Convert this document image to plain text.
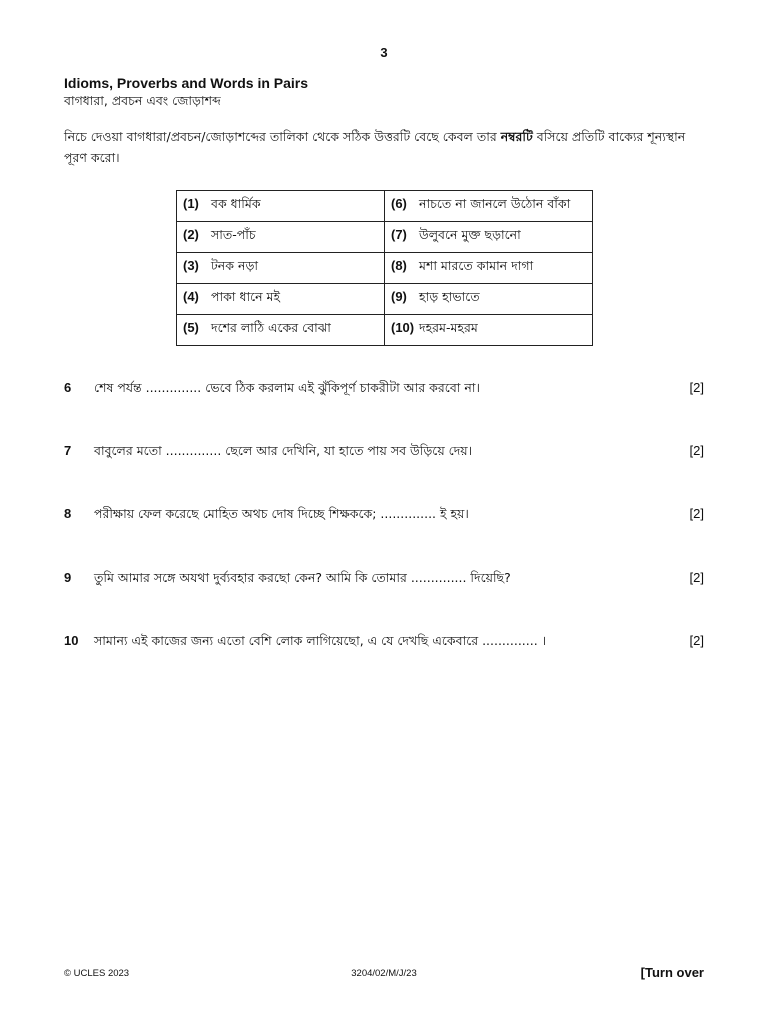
3
Idioms, Proverbs and Words in Pairs
বাগধারা, প্রবচন এবং জোড়াশব্দ
নিচে দেওয়া বাগধারা/প্রবচন/জোড়াশব্দের তালিকা থেকে সঠিক উত্তরটি বেছে কেবল তার নম্বরটি বসিয়ে প্রতিটি বাক্যের শূন্যস্থান পূরণ করো।
(1) বক ধার্মিক	(6) নাচতে না জানলে উঠোন বাঁকা
(2) সাত-পাঁচ	(7) উলুবনে মুক্ত ছড়ানো
(3) টনক নড়া	(8) মশা মারতে কামান দাগা
(4) পাকা ধানে মই	(9) হাড় হাভাতে
(5) দশের লাঠি একের বোঝা	(10) দহরম-মহরম
6 শেষ পর্যন্ত .............. ভেবে ঠিক করলাম এই ঝুঁকিপূর্ণ চাকরীটা আর করবো না।	[2]
7 বাবুলের মতো .............. ছেলে আর দেখিনি, যা হাতে পায় সব উড়িয়ে দেয়।	[2]
8 পরীক্ষায় ফেল করেছে মোহিত অথচ দোষ দিচ্ছে শিক্ষককে; .............. ই হয়।	[2]
9 তুমি আমার সঙ্গে অযথা দুর্ব্যবহার করছো কেন? আমি কি তোমার .............. দিয়েছি?	[2]
10 সামান্য এই কাজের জন্য এতো বেশি লোক লাগিয়েছো, এ যে দেখছি একেবারে .............. ।	[2]
© UCLES 2023	3204/02/M/J/23	[Turn over
